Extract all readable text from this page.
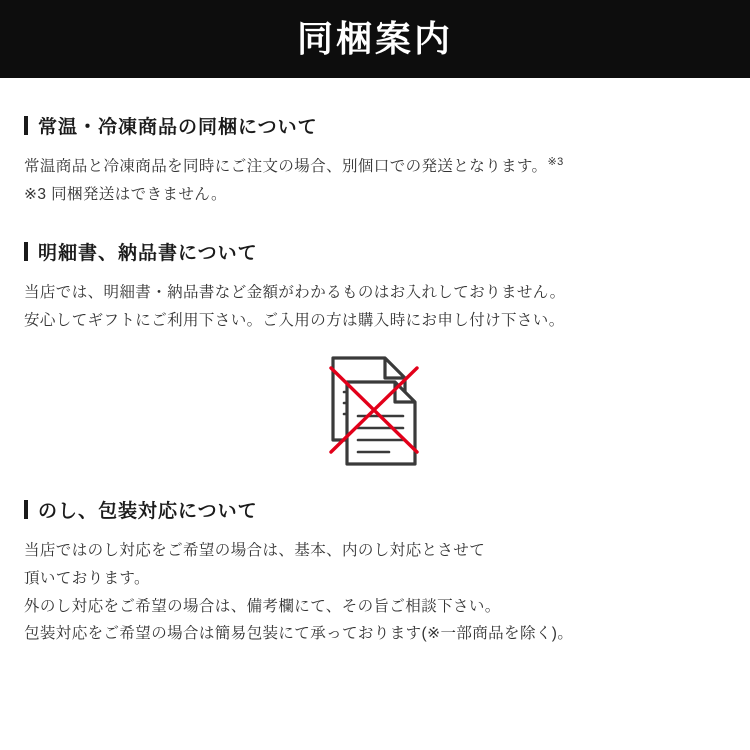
同梱案内
常温・冷凍商品の同梱について
常温商品と冷凍商品を同時にご注文の場合、別個口での発送となります。$^{※3}$
※3 同梱発送はできません。
明細書、納品書について
当店では、明細書・納品書など金額がわかるものはお入れしておりません。
安心してギフトにご利用下さい。ご入用の方は購入時にお申し付け下さい。
のし、包装対応について
当店ではのし対応をご希望の場合は、基本、内のし対応とさせて
頂いております。
外のし対応をご希望の場合は、備考欄にて、その旨ご相談下さい。
包装対応をご希望の場合は簡易包装にて承っております(※一部商品を除く)。
